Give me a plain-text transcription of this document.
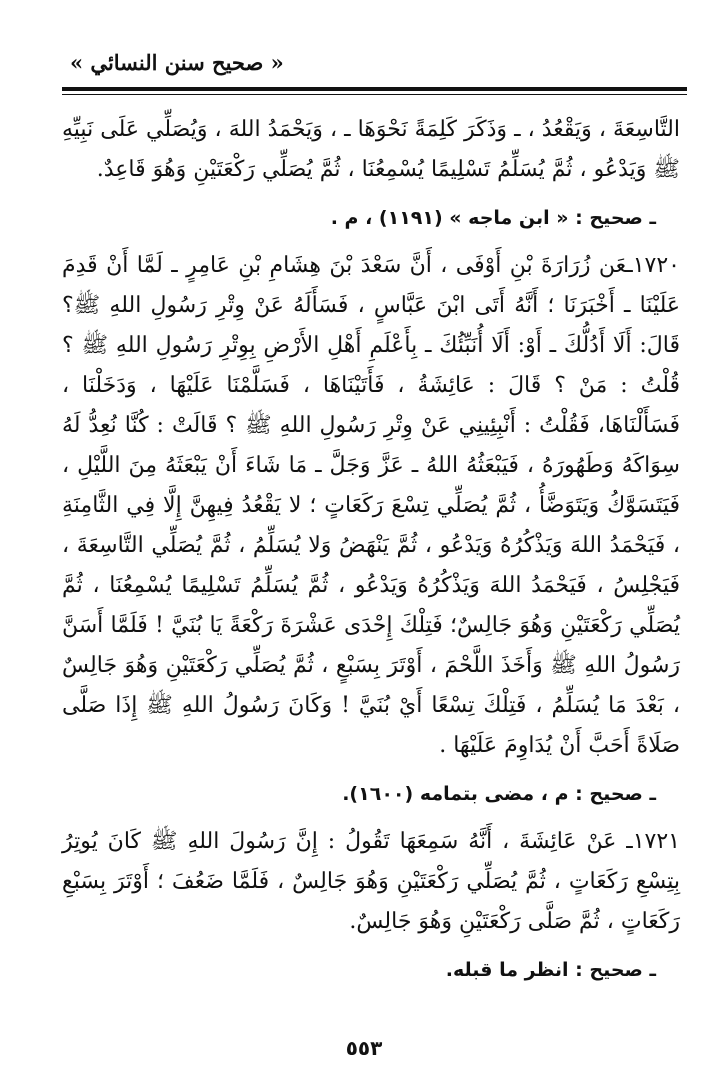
« صحيح سنن النسائي »

التَّاسِعَةَ ، وَيَقْعُدُ ، ـ وَذَكَرَ كَلِمَةً نَحْوَهَا ـ ، وَيَحْمَدُ اللهَ ، وَيُصَلِّي عَلَى نَبِيِّهِ ﷺ وَيَدْعُو ، ثُمَّ يُسَلِّمُ تَسْلِيمًا يُسْمِعُنَا ، ثُمَّ يُصَلِّي رَكْعَتَيْنِ وَهُوَ قَاعِدٌ.

ـ صحيح : « ابن ماجه » (١١٩١) ، م .

١٧٢٠ـعَن زُرَارَةَ بْنِ أَوْفَى ، أَنَّ سَعْدَ بْنَ هِشَامِ بْنِ عَامِرٍ ـ لَمَّا أَنْ قَدِمَ عَلَيْنَا ـ أَخْبَرَنَا ؛ أَنَّهُ أَتَى ابْنَ عَبَّاسٍ ، فَسَأَلَهُ عَنْ وِتْرِ رَسُولِ اللهِ ﷺ؟ قَالَ: أَلَا أَدُلُّكَ ـ أَوْ: أَلَا أُنَبِّئُكَ ـ بِأَعْلَمِ أَهْلِ الأَرْضِ بِوِتْرِ رَسُولِ اللهِ ﷺ ؟ قُلْتُ : مَنْ ؟ قَالَ : عَائِشَةُ ، فَأَتَيْنَاهَا ، فَسَلَّمْنَا عَلَيْهَا ، وَدَخَلْنَا ، فَسَأَلْنَاهَا، فَقُلْتُ : أَنْبِئِينِي عَنْ وِتْرِ رَسُولِ اللهِ ﷺ ؟ قَالَتْ : كُنَّا نُعِدُّ لَهُ سِوَاكَهُ وَطَهُورَهُ ، فَيَبْعَثُهُ اللهُ ـ عَزَّ وَجَلَّ ـ مَا شَاءَ أَنْ يَبْعَثَهُ مِنَ اللَّيْلِ ، فَيَتَسَوَّكُ وَيَتَوَضَّأُ ، ثُمَّ يُصَلِّي تِسْعَ رَكَعَاتٍ ؛ لا يَقْعُدُ فِيهِنَّ إِلَّا فِي الثَّامِنَةِ ، فَيَحْمَدُ اللهَ وَيَذْكُرُهُ وَيَدْعُو ، ثُمَّ يَنْهَضُ وَلا يُسَلِّمُ ، ثُمَّ يُصَلِّي التَّاسِعَةَ ، فَيَجْلِسُ ، فَيَحْمَدُ اللهَ وَيَذْكُرُهُ وَيَدْعُو ، ثُمَّ يُسَلِّمُ تَسْلِيمًا يُسْمِعُنَا ، ثُمَّ يُصَلِّي رَكْعَتَيْنِ وَهُوَ جَالِسٌ؛ فَتِلْكَ إِحْدَى عَشْرَةَ رَكْعَةً يَا بُنَيَّ ! فَلَمَّا أَسَنَّ رَسُولُ اللهِ ﷺ وَأَخَذَ اللَّحْمَ ، أَوْتَرَ بِسَبْعٍ ، ثُمَّ يُصَلِّي رَكْعَتَيْنِ وَهُوَ جَالِسٌ ، بَعْدَ مَا يُسَلِّمُ ، فَتِلْكَ تِسْعًا أَيْ بُنَيَّ ! وَكَانَ رَسُولُ اللهِ ﷺ إِذَا صَلَّى صَلَاةً أَحَبَّ أَنْ يُدَاوِمَ عَلَيْهَا .

ـ صحيح : م ، مضى بتمامه (١٦٠٠).

١٧٢١ـ عَنْ عَائِشَةَ ، أَنَّهُ سَمِعَهَا تَقُولُ : إِنَّ رَسُولَ اللهِ ﷺ كَانَ يُوتِرُ بِتِسْعِ رَكَعَاتٍ ، ثُمَّ يُصَلِّي رَكْعَتَيْنِ وَهُوَ جَالِسٌ ، فَلَمَّا ضَعُفَ ؛ أَوْتَرَ بِسَبْعِ رَكَعَاتٍ ، ثُمَّ صَلَّى رَكْعَتَيْنِ وَهُوَ جَالِسٌ.

ـ صحيح : انظر ما قبله.

٥٥٣
